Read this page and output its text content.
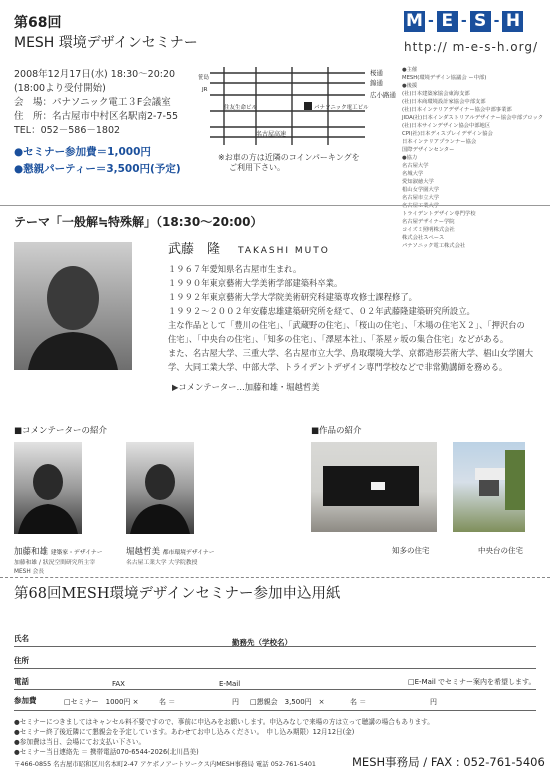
第68回
MESH 環境デザインセミナー
M - E - S - H
http:// m-e-s-h.org/
2008年12月17日(水) 18:30～20:20
(18:00より受付開始)
会　場：パナソニック電工３F会議室
住　所：名古屋市中村区名駅南2-7-55
TEL：052－586－1802
●セミナー参加費＝1,000円
●懇親パーティー＝3,500円(予定)
桜通
錦通
広小路通
名古屋高速
住友生命ビル	パナソニック電工ビル
笹島
JR
※お車の方は近隣のコインパーキングを
ご利用下さい。
●主催
MESH(環境デザイン協議会 ー中部)
●後援
(社)日本建築家協会東海支部
(社)日本商環境設計家協会中部支部
(社)日本インテリアデザイナー協会中部事業部
JIDA(社)日本インダストリアルデザイナー協会中部ブロック
(社)日本サインデザイン協会中部地区
CPI(社)日本ディスプレイデザイン協会
日本インテリアプランナー協会
国際デザインセンター
●協力
名古屋大学
名城大学
愛知淑徳大学
椙山女学園大学
名古屋市立大学
名古屋工業大学
トライデントデザイン専門学校
名古屋デザイナー学院
コイズミ照明株式会社
株式会社スペース
パナソニック電工株式会社
テーマ「一般解≒特殊解」（18:30～20:00）
武藤　隆 TAKASHI MUTO
１９６７年愛知県名古屋市生まれ。
１９９０年東京藝術大学美術学部建築科卒業。
１９９２年東京藝術大学大学院美術研究科建築専攻修士課程修了。
１９９２～２００２年安藤忠雄建築研究所を経て、０２年武藤隆建築研究所設立。
主な作品として「豊川の住宅」、「武蔵野の住宅」、「桜山の住宅」、「木場の住宅Ｘ２」、「押沢台の
住宅」、「中央台の住宅」、「知多の住宅」、「澤屋本社」、「茶屋ヶ坂の集合住宅」などがある。
また、名古屋大学、三重大学、名古屋市立大学、鳥取環境大学、京都造形芸術大学、椙山女学園大
学、大同工業大学、中部大学、トライデントデザイン専門学校などで非常勤講師を務める。
▶コメンテーター…加藤和雄・堀越哲美
■コメンテーターの紹介
加藤和雄 建築家・デザイナー
加藤和雄 / 狀況空間研究所主宰
MESH 会長
堀越哲美 都市環境デザイナー
名古屋工業大学 大学院教授
■作品の紹介
知多の住宅	中央台の住宅
第68回MESH環境デザインセミナー参加申込用紙
氏名	勤務先（学校名）
住所
電話	FAX	E-Mail	□E-Mail でセミナー案内を希望します。
参加費	□セミナー　1000円 ×	名 ＝	円 □懇親会　3,500円　×	名 ＝	円
●セミナーにつきましてはキャンセル料不要ですので、事前に申込みをお願いします。申込みなしで来場の方は立って聴講の場合もあります。
●セミナー終了後近隣にて懇親会を予定しています。あわせてお申し込みください。　申し込み期限）12月12日(金)
●参加費は当日、会場にてお支払い下さい。
●セミナー当日連絡先 ＝ 携帯電話070-6544-2026(北川昌美)
〒466-0855 名古屋市昭和区川名本町2-47 アケボノアートワークス内MESH事務局 電話 052-761-5401	MESH事務局 / FAX : 052-761-5406
